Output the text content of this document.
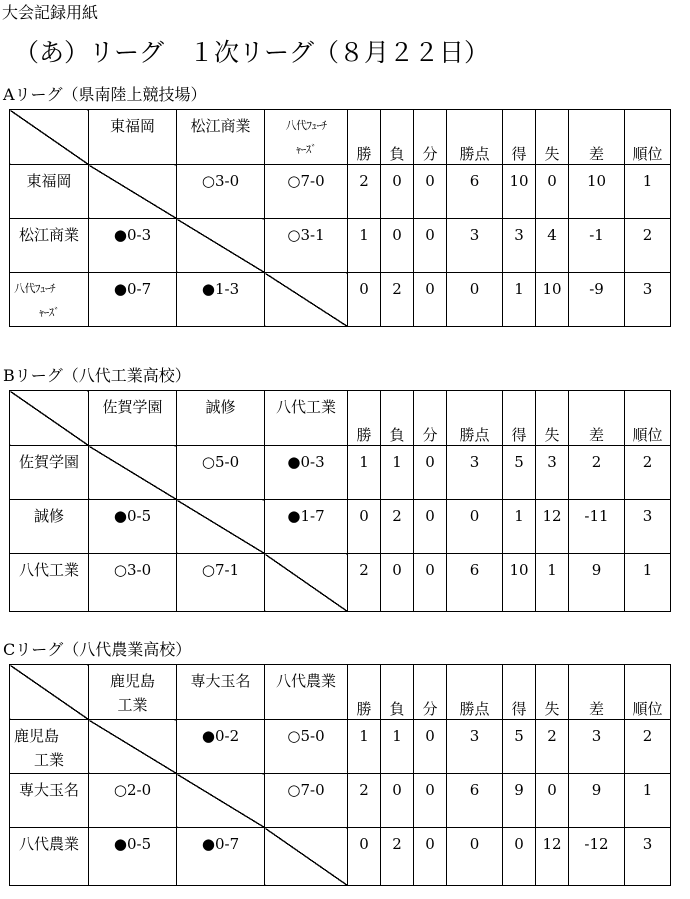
大会記録用紙
（あ）リーグ　１次リーグ（８月２２日）
Aリーグ（県南陸上競技場）

	東福岡	松江商業	八代ﾌｭｰﾁ
ｬｰｽﾞ	勝	負	分	勝点	得	失	差	順位

東福岡		○3-0	○7-0	2	0	0	6	10	0	10	1

松江商業	●0-3		○3-1	1	0	0	3	3	4	-1	2

八代ﾌｭｰﾁ
ｬｰｽﾞ	●0-7	●1-3		0	2	0	0	1	10	-9	3
Bリーグ（八代工業高校）

	佐賀学園	誠修	八代工業	勝	負	分	勝点	得	失	差	順位

佐賀学園		○5-0	●0-3	1	1	0	3	5	3	2	2

誠修	●0-5		●1-7	0	2	0	0	1	12	-11	3

八代工業	○3-0	○7-1		2	0	0	6	10	1	9	1
Cリーグ（八代農業高校）

	鹿児島
工業	専大玉名	八代農業	勝	負	分	勝点	得	失	差	順位

鹿児島
工業		●0-2	○5-0	1	1	0	3	5	2	3	2

専大玉名	○2-0		○7-0	2	0	0	6	9	0	9	1

八代農業	●0-5	●0-7		0	2	0	0	0	12	-12	3
